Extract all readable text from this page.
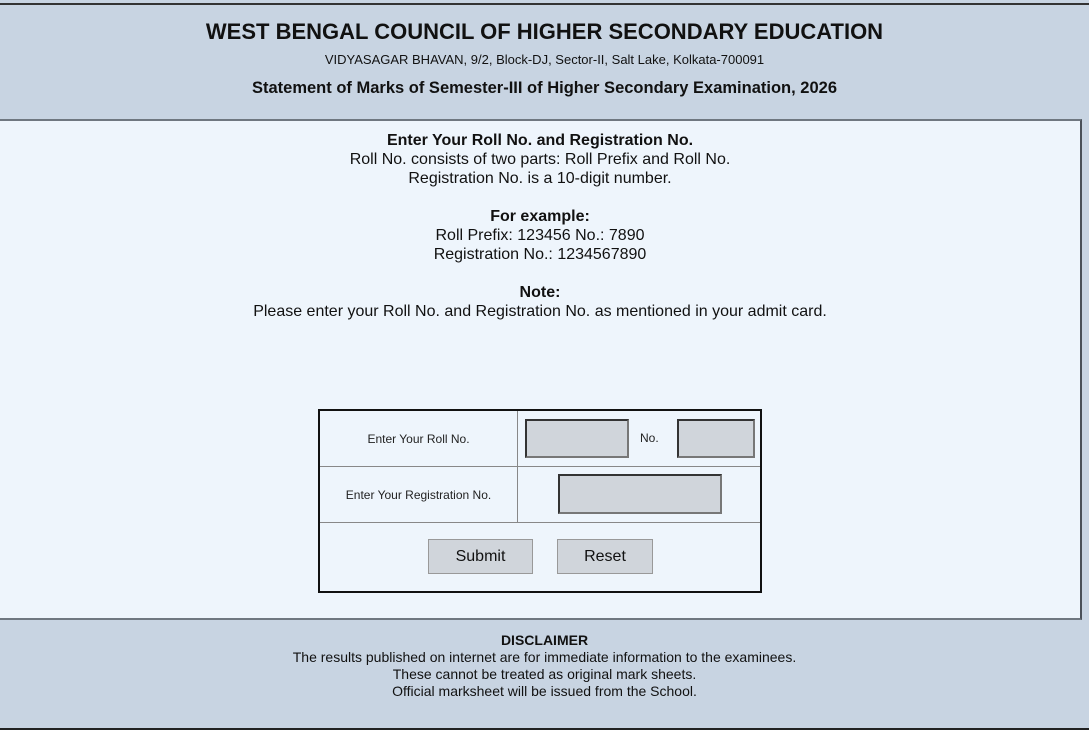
WEST BENGAL COUNCIL OF HIGHER SECONDARY EDUCATION
VIDYASAGAR BHAVAN, 9/2, Block-DJ, Sector-II, Salt Lake, Kolkata-700091
Statement of Marks of Semester-III of Higher Secondary Examination, 2026
Enter Your Roll No. and Registration No.
Roll No. consists of two parts: Roll Prefix and Roll No.
Registration No. is a 10-digit number.
For example:
Roll Prefix: 123456 No.: 7890
Registration No.: 1234567890
Note:
Please enter your Roll No. and Registration No. as mentioned in your admit card.
Enter Your Roll No.	No.
Enter Your Registration No.
Submit	Reset
DISCLAIMER
The results published on internet are for immediate information to the examinees.
These cannot be treated as original mark sheets.
Official marksheet will be issued from the School.
